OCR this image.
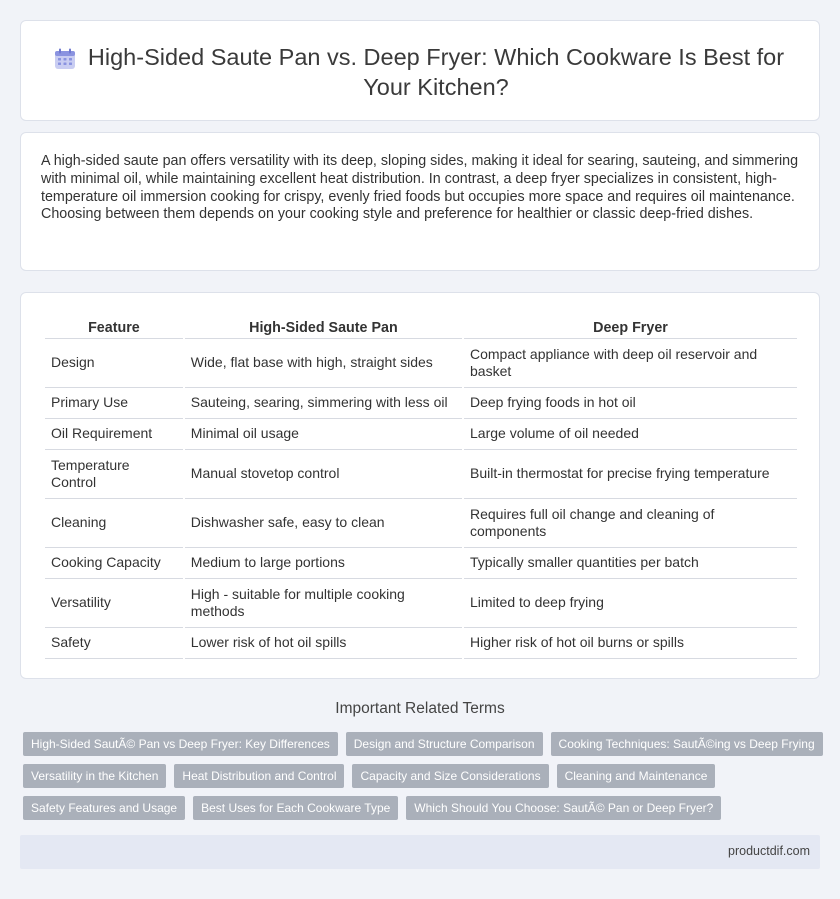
High-Sided Saute Pan vs. Deep Fryer: Which Cookware Is Best for Your Kitchen?

A high-sided saute pan offers versatility with its deep, sloping sides, making it ideal for searing, sauteing, and simmering with minimal oil, while maintaining excellent heat distribution. In contrast, a deep fryer specializes in consistent, high-temperature oil immersion cooking for crispy, evenly fried foods but occupies more space and requires oil maintenance. Choosing between them depends on your cooking style and preference for healthier or classic deep-fried dishes.

Feature	High-Sided Saute Pan	Deep Fryer
Design	Wide, flat base with high, straight sides	Compact appliance with deep oil reservoir and basket
Primary Use	Sauteing, searing, simmering with less oil	Deep frying foods in hot oil
Oil Requirement	Minimal oil usage	Large volume of oil needed
Temperature Control	Manual stovetop control	Built-in thermostat for precise frying temperature
Cleaning	Dishwasher safe, easy to clean	Requires full oil change and cleaning of components
Cooking Capacity	Medium to large portions	Typically smaller quantities per batch
Versatility	High - suitable for multiple cooking methods	Limited to deep frying
Safety	Lower risk of hot oil spills	Higher risk of hot oil burns or spills
Important Related Terms
High-Sided SautÃ© Pan vs Deep Fryer: Key Differences	Design and Structure Comparison	Cooking Techniques: SautÃ©ing vs Deep Frying
Versatility in the Kitchen	Heat Distribution and Control	Capacity and Size Considerations	Cleaning and Maintenance
Safety Features and Usage	Best Uses for Each Cookware Type	Which Should You Choose: SautÃ© Pan or Deep Fryer?
productdif.com
